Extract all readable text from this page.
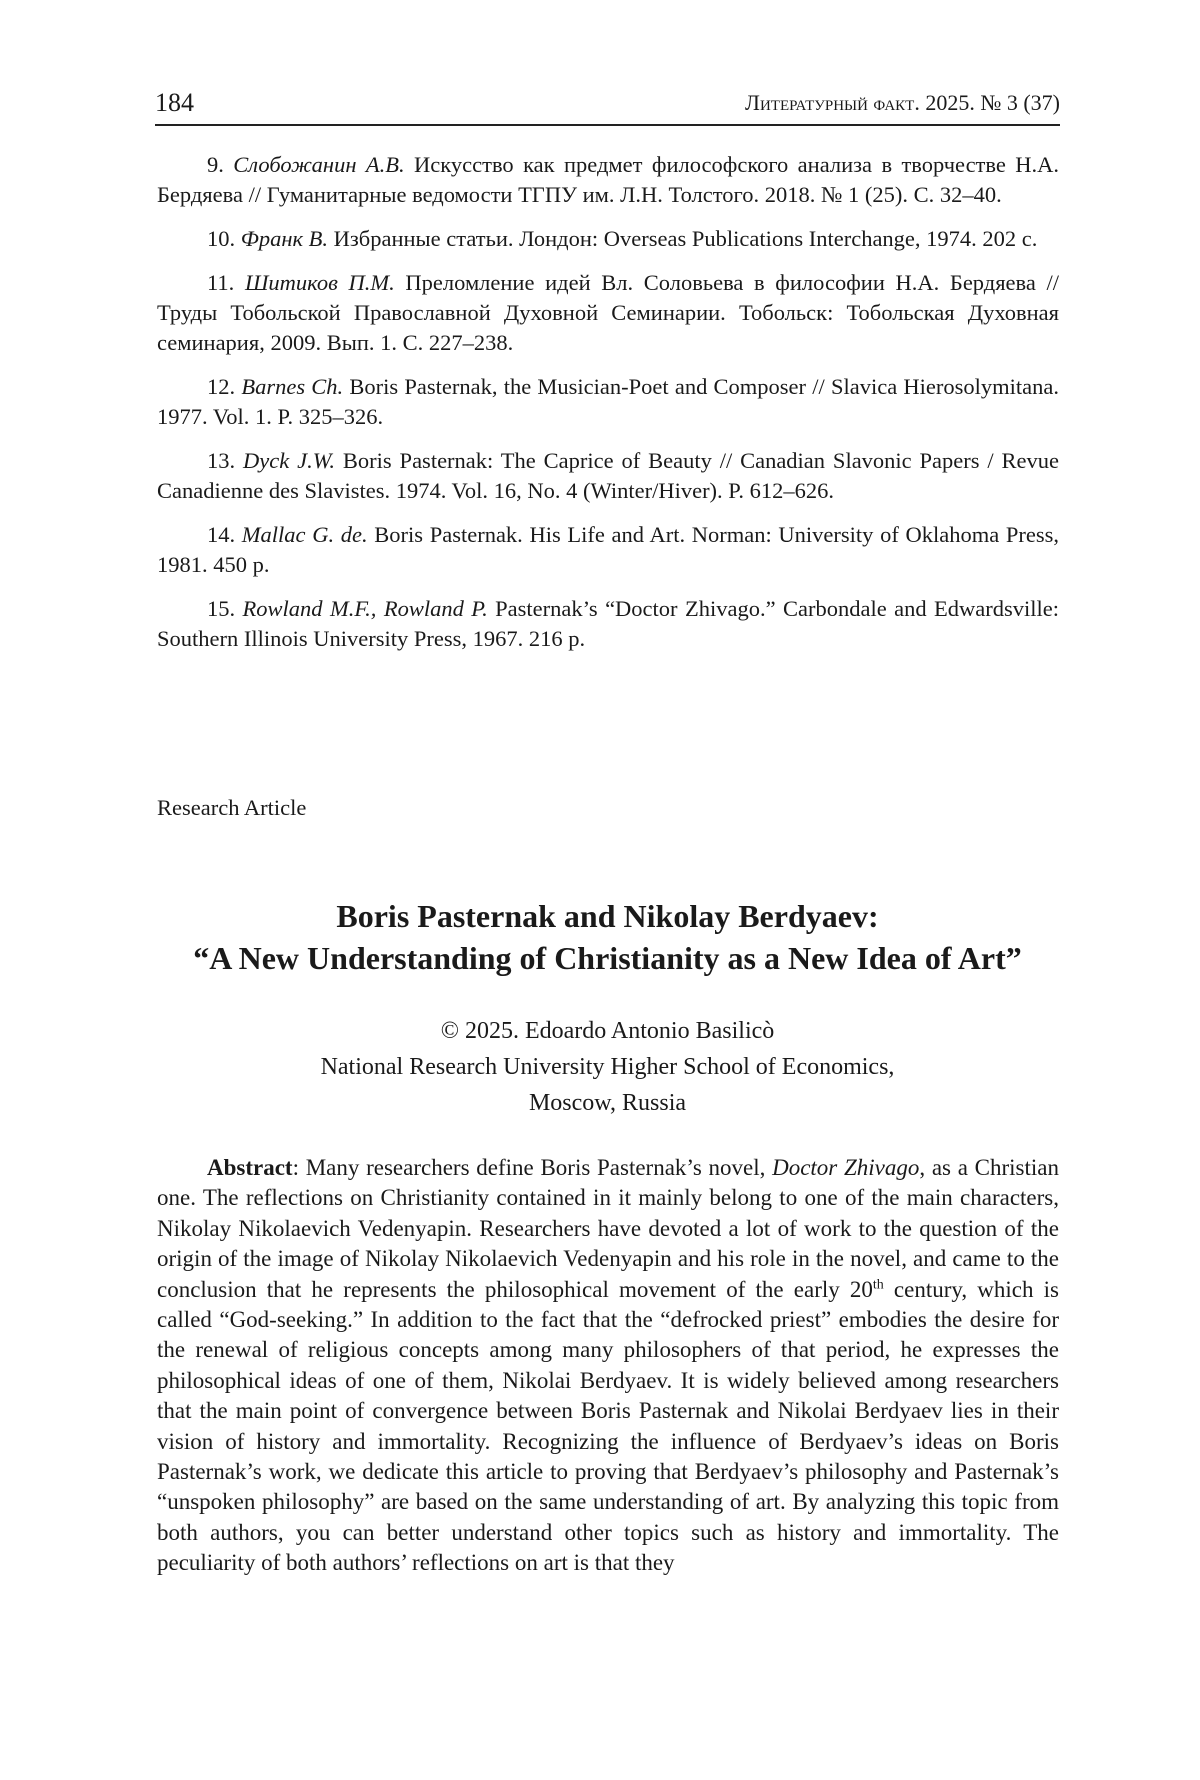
184	Литературный факт. 2025. № 3 (37)

9. Слобожанин А.В. Искусство как предмет философского анализа в творчестве Н.А. Бердяева // Гуманитарные ведомости ТГПУ им. Л.Н. Толстого. 2018. № 1 (25). С. 32–40.

10. Франк В. Избранные статьи. Лондон: Overseas Publications Interchange, 1974. 202 с.

11. Шитиков П.М. Преломление идей Вл. Соловьева в философии Н.А. Бердяева // Труды Тобольской Православной Духовной Семинарии. Тобольск: Тобольская Духовная семинария, 2009. Вып. 1. С. 227–238.

12. Barnes Ch. Boris Pasternak, the Musician-Poet and Composer // Slavica Hierosolymitana. 1977. Vol. 1. P. 325–326.

13. Dyck J.W. Boris Pasternak: The Caprice of Beauty // Canadian Slavonic Papers / Revue Canadienne des Slavistes. 1974. Vol. 16, No. 4 (Winter/Hiver). P. 612–626.

14. Mallac G. de. Boris Pasternak. His Life and Art. Norman: University of Oklahoma Press, 1981. 450 p.

15. Rowland M.F., Rowland P. Pasternak’s “Doctor Zhivago.” Carbondale and Edwardsville: Southern Illinois University Press, 1967. 216 p.

Research Article
Boris Pasternak and Nikolay Berdyaev:
“A New Understanding of Christianity as a New Idea of Art”
© 2025. Edoardo Antonio Basilicò
National Research University Higher School of Economics,
Moscow, Russia

Abstract: Many researchers define Boris Pasternak’s novel, Doctor Zhivago, as a Christian one. The reflections on Christianity contained in it mainly belong to one of the main characters, Nikolay Nikolaevich Vedenyapin. Researchers have devoted a lot of work to the question of the origin of the image of Nikolay Nikolaevich Vedenyapin and his role in the novel, and came to the conclusion that he represents the philosophical movement of the early 20th century, which is called “God-seeking.” In addition to the fact that the “defrocked priest” embodies the desire for the renewal of religious concepts among many philosophers of that period, he expresses the philosophical ideas of one of them, Nikolai Berdyaev. It is widely believed among researchers that the main point of convergence between Boris Pasternak and Nikolai Berdyaev lies in their vision of history and immortality. Recognizing the influence of Berdyaev’s ideas on Boris Pasternak’s work, we dedicate this article to proving that Berdyaev’s philosophy and Pasternak’s “unspoken philosophy” are based on the same understanding of art. By analyzing this topic from both authors, you can better understand other topics such as history and immortality. The peculiarity of both authors’ reflections on art is that they
